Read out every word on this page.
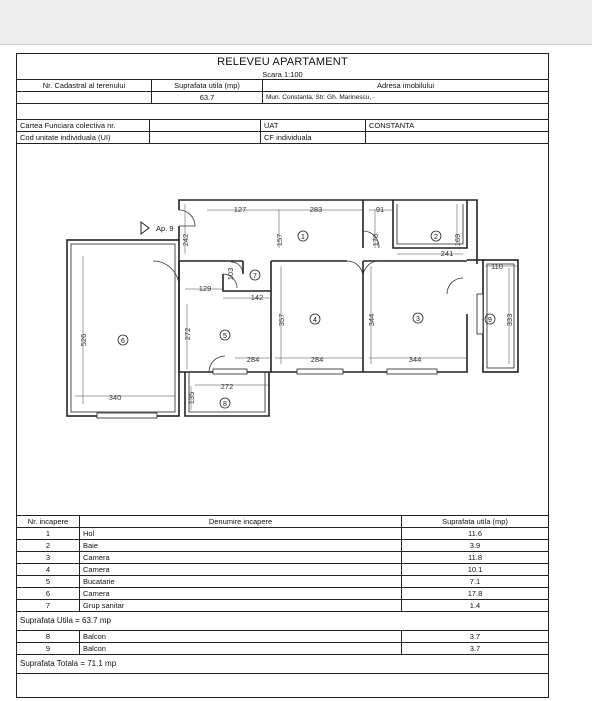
RELEVEU APARTAMENT
Scara 1:100
Nr. Cadastral al terenului	Suprafata utila (mp)	Adresa imobilului
	63.7	Mun. Constanta, Str. Gh. Marinescu, ·
Cartea Funciara colectiva nr.		UAT	CONSTANTA
Cod unitate individuala (UI)		CF individuala	
Ap. 9
127	283	91
241
110
129
142
284	284	344
272
340
242	157	170	169
103
526	272
357	344	333
135
1	2
3
4
5
6
7
8
9
Nr. incapere	Denumire incapere	Suprafata utila (mp)
1	Hol	11.6
2	Baie	3.9
3	Camera	11.8
4	Camera	10.1
5	Bucatarie	7.1
6	Camera	17.8
7	Grup sanitar	1.4
Suprafata Utila = 63.7 mp		
8	Balcon	3.7
9	Balcon	3.7
Suprafata Totala = 71.1 mp		
